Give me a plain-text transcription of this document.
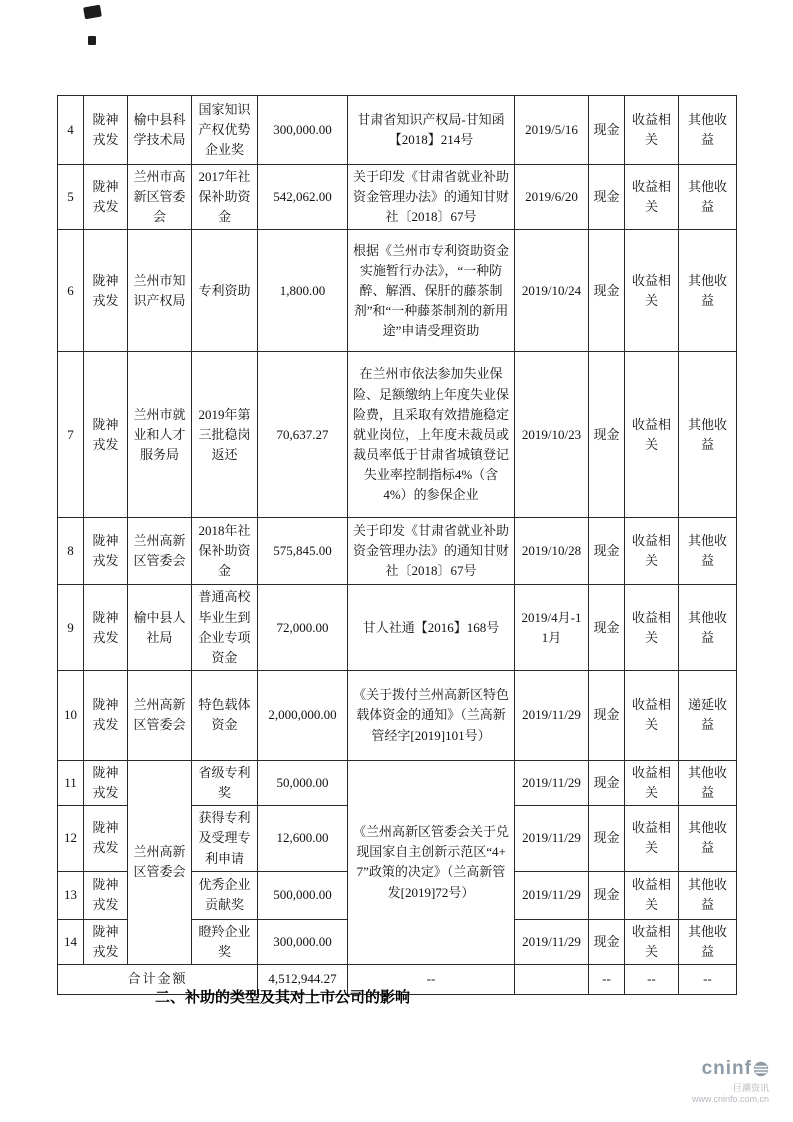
4	陇神戎发	榆中县科学技术局	国家知识产权优势企业奖	300,000.00	甘肃省知识产权局-甘知函【2018】214号	2019/5/16	现金	收益相关	其他收益
5	陇神戎发	兰州市高新区管委会	2017年社保补助资金	542,062.00	关于印发《甘肃省就业补助资金管理办法》的通知甘财社〔2018〕67号	2019/6/20	现金	收益相关	其他收益
6	陇神戎发	兰州市知识产权局	专利资助	1,800.00	根据《兰州市专利资助资金实施暂行办法》，“一种防醉、解酒、保肝的藤茶制剂”和“一种藤茶制剂的新用途”申请受理资助	2019/10/24	现金	收益相关	其他收益
7	陇神戎发	兰州市就业和人才服务局	2019年第三批稳岗返还	70,637.27	在兰州市依法参加失业保险、足额缴纳上年度失业保险费，且采取有效措施稳定就业岗位，上年度未裁员或裁员率低于甘肃省城镇登记失业率控制指标4%（含4%）的参保企业	2019/10/23	现金	收益相关	其他收益
8	陇神戎发	兰州高新区管委会	2018年社保补助资金	575,845.00	关于印发《甘肃省就业补助资金管理办法》的通知甘财社〔2018〕67号	2019/10/28	现金	收益相关	其他收益
9	陇神戎发	榆中县人社局	普通高校毕业生到企业专项资金	72,000.00	甘人社通【2016】168号	2019/4月-11月	现金	收益相关	其他收益
10	陇神戎发	兰州高新区管委会	特色载体资金	2,000,000.00	《关于拨付兰州高新区特色载体资金的通知》（兰高新管经字[2019]101号）	2019/11/29	现金	收益相关	递延收益
11	陇神戎发	兰州高新区管委会	省级专利奖	50,000.00	《兰州高新区管委会关于兑现国家自主创新示范区“4+7”政策的决定》（兰高新管发[2019]72号）	2019/11/29	现金	收益相关	其他收益
12	陇神戎发		获得专利及受理专利申请	12,600.00		2019/11/29	现金	收益相关	其他收益
13	陇神戎发		优秀企业贡献奖	500,000.00		2019/11/29	现金	收益相关	其他收益
14	陇神戎发		瞪羚企业奖	300,000.00		2019/11/29	现金	收益相关	其他收益
合计金额				4,512,944.27	--		--	--	--
二、补助的类型及其对上市公司的影响
cninf
巨潮资讯
www.cninfo.com.cn
